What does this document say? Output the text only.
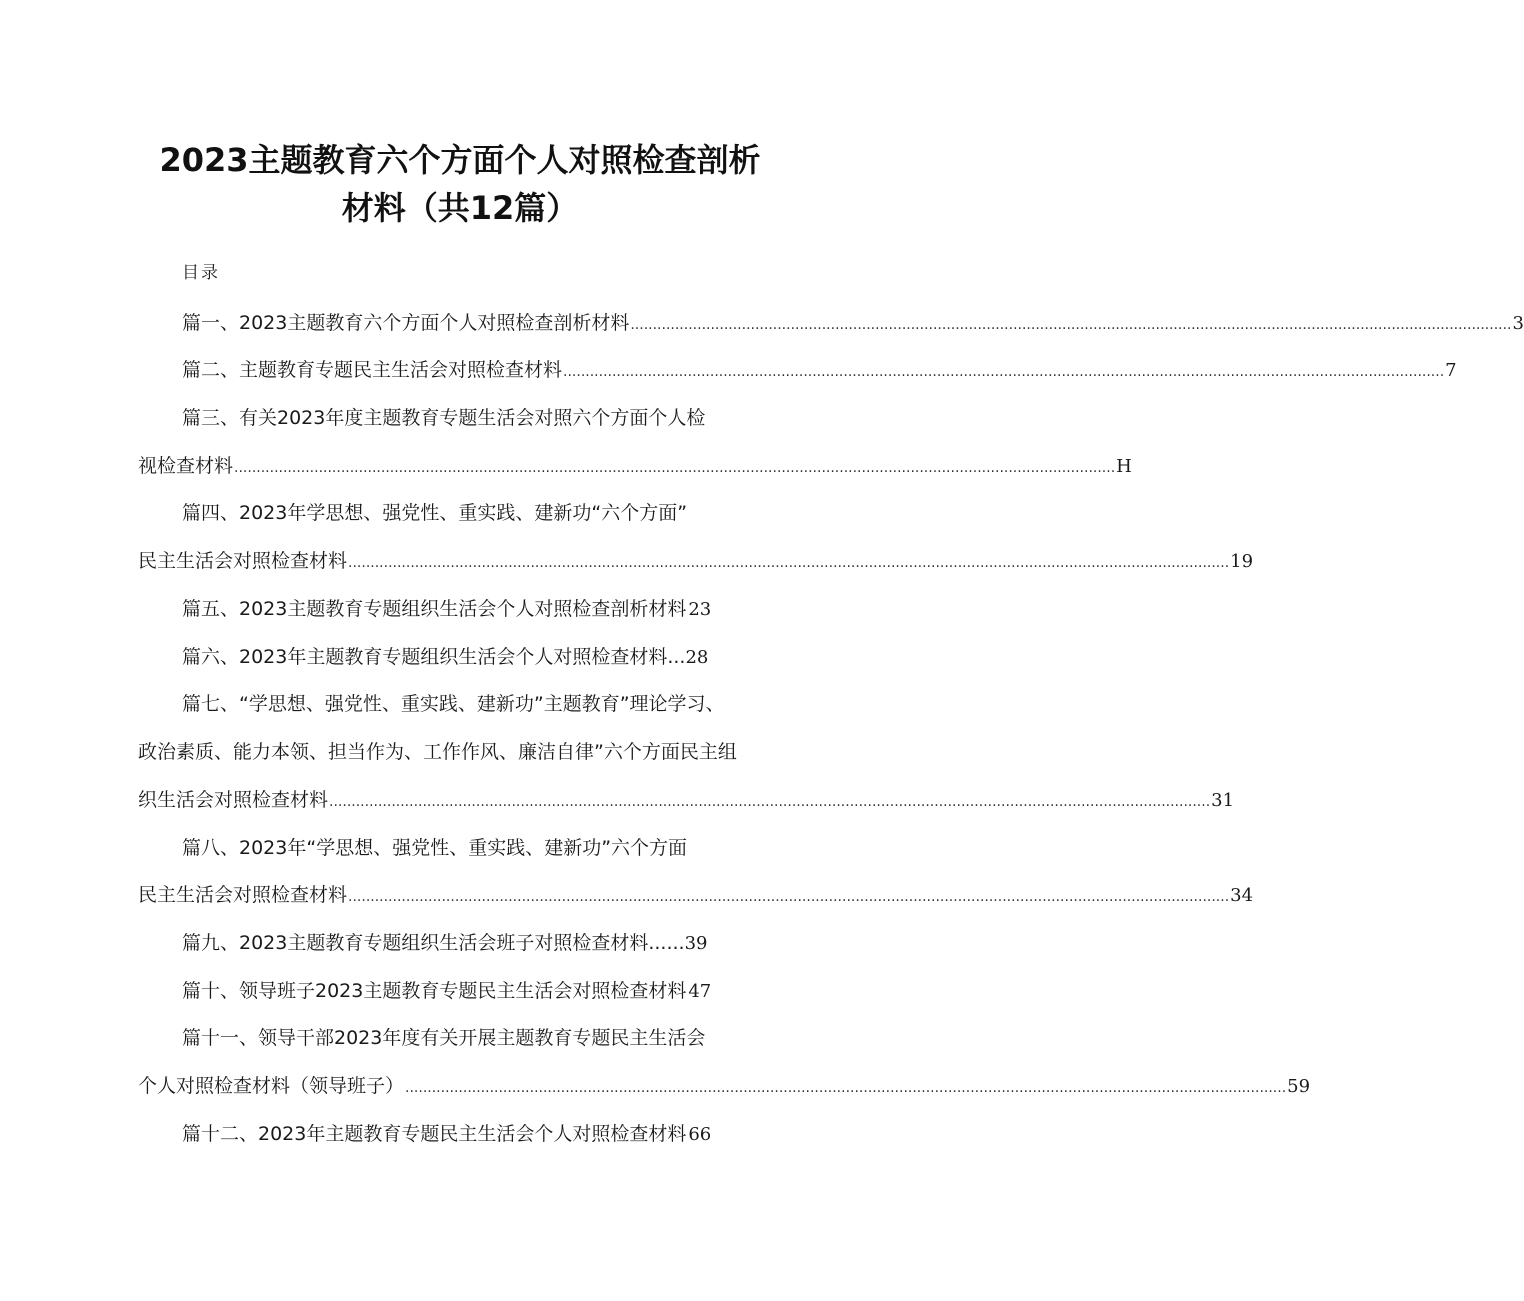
2023主题教育六个方面个人对照检查剖析
材料（共12篇）
目录
篇一、2023主题教育六个方面个人对照检查剖析材料 ...................................................................................................................................................................................................... 3
篇二、主题教育专题民主生活会对照检查材料 ...................................................................................................................................................................................................... 7
篇三、有关2023年度主题教育专题生活会对照六个方面个人检
视检查材料 ...................................................................................................................................................................................................... H
篇四、2023年学思想、强党性、重实践、建新功“六个方面”
民主生活会对照检查材料 ...................................................................................................................................................................................................... 19
篇五、2023主题教育专题组织生活会个人对照检查剖析材料 23
篇六、2023年主题教育专题组织生活会个人对照检查材料... 28
篇七、“学思想、强党性、重实践、建新功”主题教育”理论学习、
政治素质、能力本领、担当作为、工作作风、廉洁自律”六个方面民主组
织生活会对照检查材料 ...................................................................................................................................................................................................... 31
篇八、2023年“学思想、强党性、重实践、建新功”六个方面
民主生活会对照检查材料 ...................................................................................................................................................................................................... 34
篇九、2023主题教育专题组织生活会班子对照检查材料...... 39
篇十、领导班子2023主题教育专题民主生活会对照检查材料 47
篇十一、领导干部2023年度有关开展主题教育专题民主生活会
个人对照检查材料（领导班子） ...................................................................................................................................................................................................... 59
篇十二、2023年主题教育专题民主生活会个人对照检查材料 66
